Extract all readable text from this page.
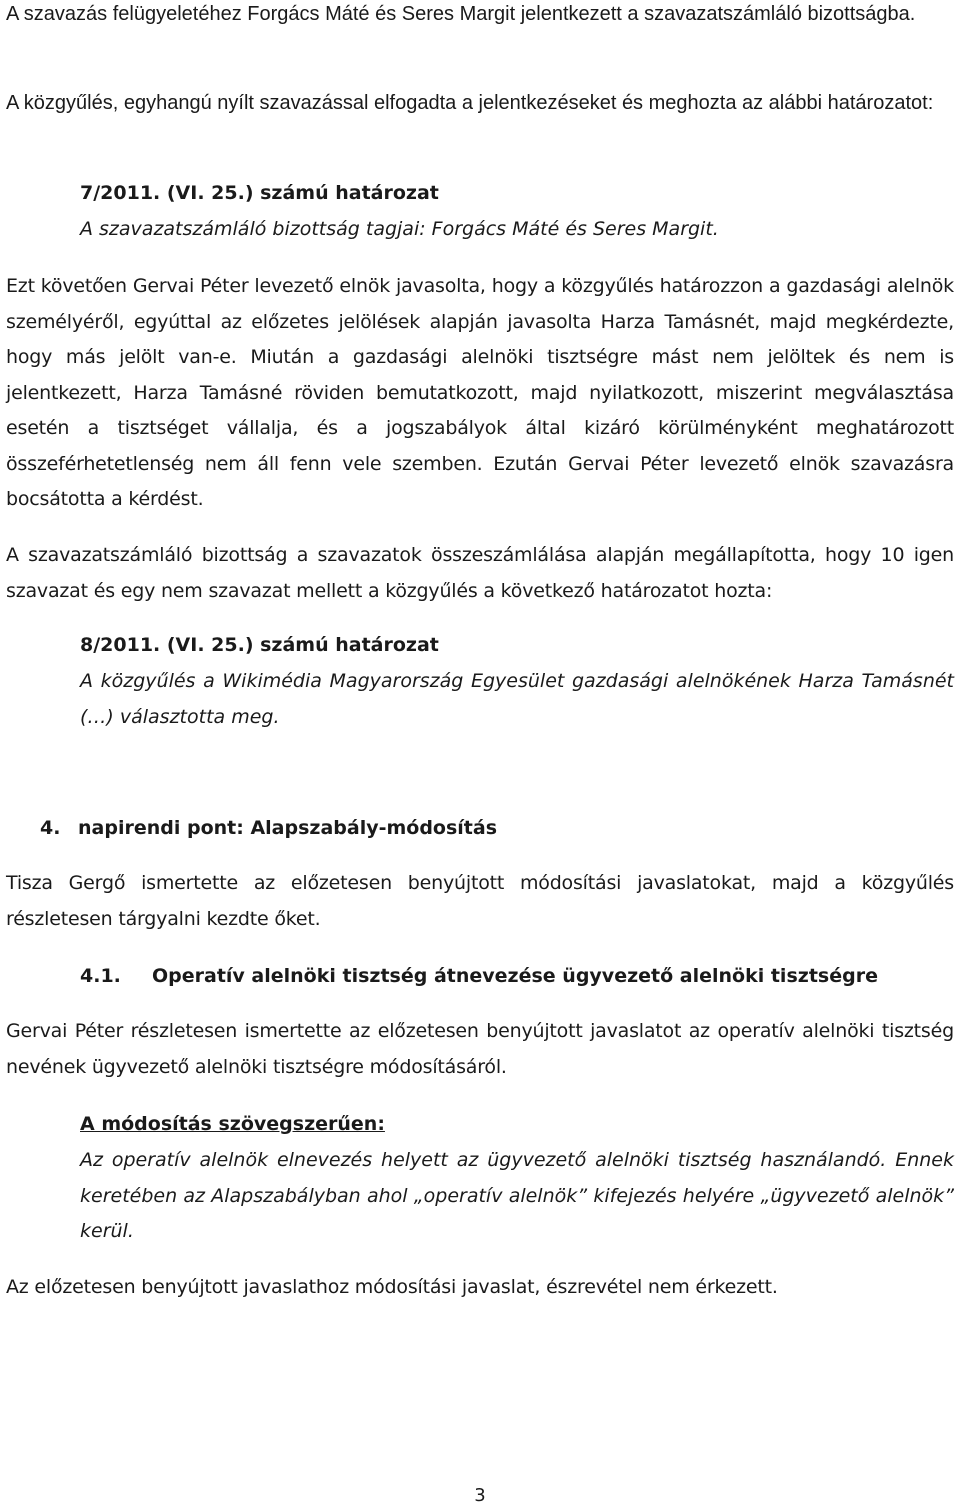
A szavazás felügyeletéhez Forgács Máté és Seres Margit jelentkezett a szavazatszámláló bizottságba.

A közgyűlés, egyhangú nyílt szavazással elfogadta a jelentkezéseket és meghozta az alábbi határozatot:

7/2011. (VI. 25.) számú határozat
A szavazatszámláló bizottság tagjai: Forgács Máté és Seres Margit.

Ezt követően Gervai Péter levezető elnök javasolta, hogy a közgyűlés határozzon a gazdasági alelnök személyéről, egyúttal az előzetes jelölések alapján javasolta Harza Tamásnét, majd megkérdezte, hogy más jelölt van-e. Miután a gazdasági alelnöki tisztségre mást nem jelöltek és nem is jelentkezett, Harza Tamásné röviden bemutatkozott, majd nyilatkozott, miszerint megválasztása esetén a tisztséget vállalja, és a jogszabályok által kizáró körülményként meghatározott összeférhetetlenség nem áll fenn vele szemben. Ezután Gervai Péter levezető elnök szavazásra bocsátotta a kérdést.

A szavazatszámláló bizottság a szavazatok összeszámlálása alapján megállapította, hogy 10 igen szavazat és egy nem szavazat mellett a közgyűlés a következő határozatot hozta:

8/2011. (VI. 25.) számú határozat
A közgyűlés a Wikimédia Magyarország Egyesület gazdasági alelnökének Harza Tamásnét (…) választotta meg.
4. napirendi pont: Alapszabály-módosítás

Tisza Gergő ismertette az előzetesen benyújtott módosítási javaslatokat, majd a közgyűlés részletesen tárgyalni kezdte őket.

4.1. Operatív alelnöki tisztség átnevezése ügyvezető alelnöki tisztségre

Gervai Péter részletesen ismertette az előzetesen benyújtott javaslatot az operatív alelnöki tisztség nevének ügyvezető alelnöki tisztségre módosításáról.

A módosítás szövegszerűen:

Az operatív alelnök elnevezés helyett az ügyvezető alelnöki tisztség használandó. Ennek keretében az Alapszabályban ahol „operatív alelnök” kifejezés helyére „ügyvezető alelnök” kerül.

Az előzetesen benyújtott javaslathoz módosítási javaslat, észrevétel nem érkezett.

3
